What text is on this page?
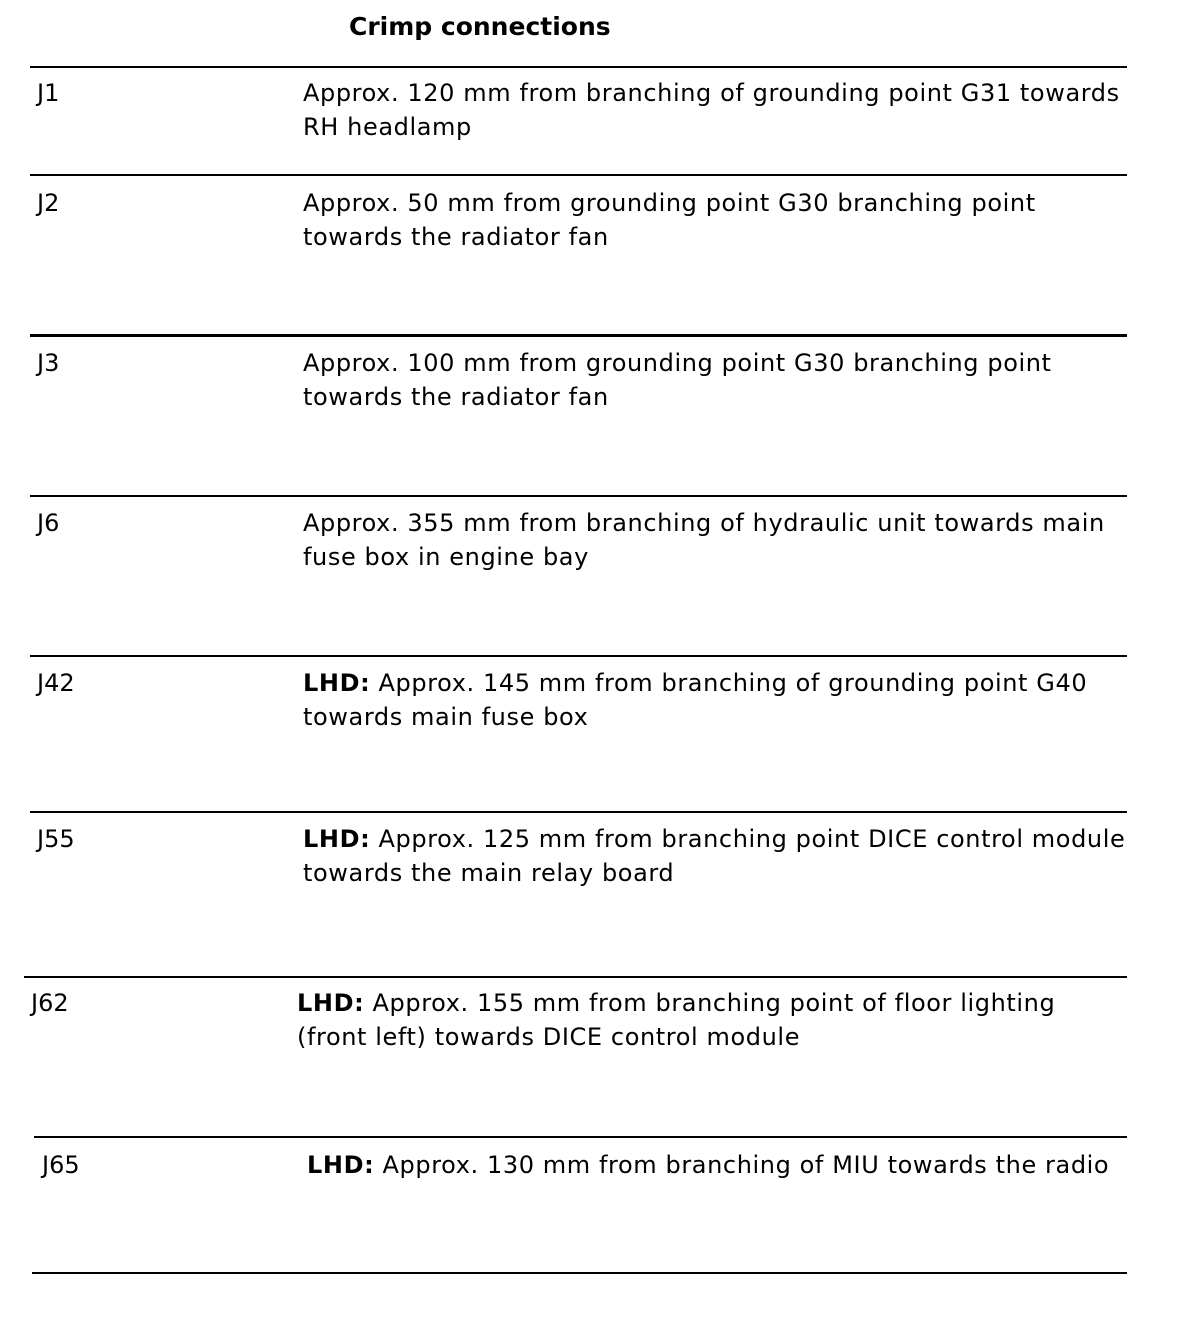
Crimp connections
J1	Approx. 120 mm from branching of grounding point G31 towards RH headlamp

J2	Approx. 50 mm from grounding point G30 branching point towards the radiator fan

J3	Approx. 100 mm from grounding point G30 branching point towards the radiator fan

J6	Approx. 355 mm from branching of hydraulic unit towards main fuse box in engine bay

J42	LHD: Approx. 145 mm from branching of grounding point G40 towards main fuse box

J55	LHD: Approx. 125 mm from branching point DICE control module towards the main relay board

J62	LHD: Approx. 155 mm from branching point of floor lighting (front left) towards DICE control module

J65	LHD: Approx. 130 mm from branching of MIU towards the radio
